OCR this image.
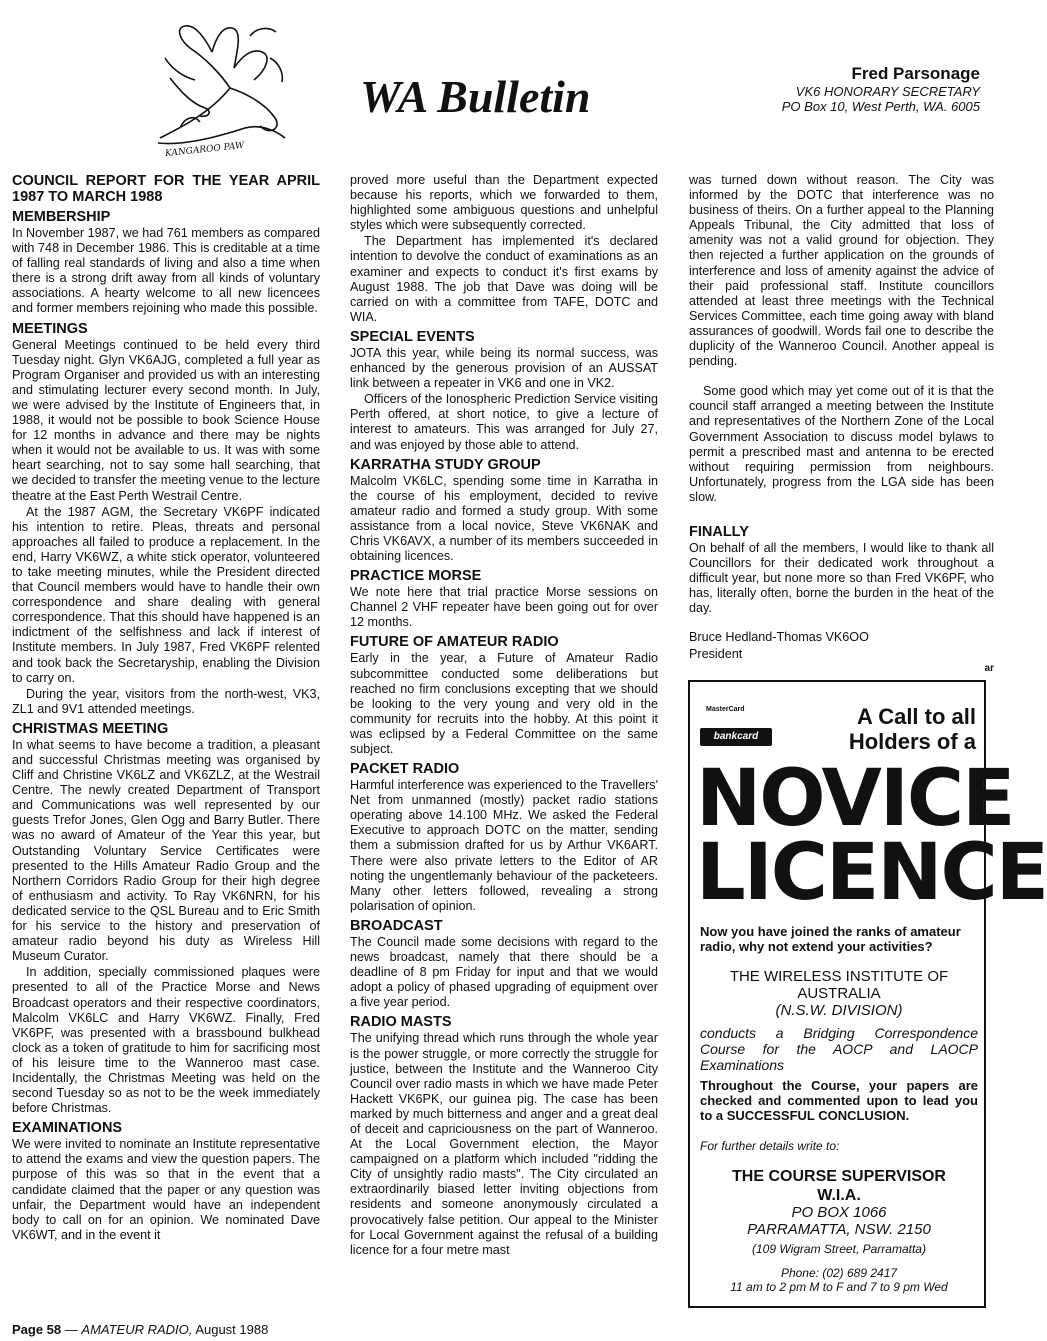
KANGAROO PAW
WA Bulletin	Fred Parsonage
VK6 HONORARY SECRETARY
PO Box 10, West Perth, WA. 6005
COUNCIL REPORT FOR THE YEAR APRIL 1987 TO MARCH 1988
MEMBERSHIP

In November 1987, we had 761 members as compared with 748 in December 1986. This is creditable at a time of falling real standards of living and also a time when there is a strong drift away from all kinds of voluntary associations. A hearty welcome to all new licencees and former members rejoining who made this possible.

MEETINGS

General Meetings continued to be held every third Tuesday night. Glyn VK6AJG, completed a full year as Program Organiser and provided us with an interesting and stimulating lecturer every second month. In July, we were advised by the Institute of Engineers that, in 1988, it would not be possible to book Science House for 12 months in advance and there may be nights when it would not be available to us. It was with some heart searching, not to say some hall searching, that we decided to transfer the meeting venue to the lecture theatre at the East Perth Westrail Centre.

At the 1987 AGM, the Secretary VK6PF indicated his intention to retire. Pleas, threats and personal approaches all failed to produce a replacement. In the end, Harry VK6WZ, a white stick operator, volunteered to take meeting minutes, while the President directed that Council members would have to handle their own correspondence and share dealing with general correspondence. That this should have happened is an indictment of the selfishness and lack if interest of Institute members. In July 1987, Fred VK6PF relented and took back the Secretaryship, enabling the Division to carry on.

During the year, visitors from the north-west, VK3, ZL1 and 9V1 attended meetings.

CHRISTMAS MEETING

In what seems to have become a tradition, a pleasant and successful Christmas meeting was organised by Cliff and Christine VK6LZ and VK6ZLZ, at the Westrail Centre. The newly created Department of Transport and Communications was well represented by our guests Trefor Jones, Glen Ogg and Barry Butler. There was no award of Amateur of the Year this year, but Outstanding Voluntary Service Certificates were presented to the Hills Amateur Radio Group and the Northern Corridors Radio Group for their high degree of enthusiasm and activity. To Ray VK6NRN, for his dedicated service to the QSL Bureau and to Eric Smith for his service to the history and preservation of amateur radio beyond his duty as Wireless Hill Museum Curator.

In addition, specially commissioned plaques were presented to all of the Practice Morse and News Broadcast operators and their respective coordinators, Malcolm VK6LC and Harry VK6WZ. Finally, Fred VK6PF, was presented with a brassbound bulkhead clock as a token of gratitude to him for sacrificing most of his leisure time to the Wanneroo mast case. Incidentally, the Christmas Meeting was held on the second Tuesday so as not to be the week immediately before Christmas.

EXAMINATIONS

We were invited to nominate an Institute representative to attend the exams and view the question papers. The purpose of this was so that in the event that a candidate claimed that the paper or any question was unfair, the Department would have an independent body to call on for an opinion. We nominated Dave VK6WT, and in the event it

proved more useful than the Department expected because his reports, which we forwarded to them, highlighted some ambiguous questions and unhelpful styles which were subsequently corrected.

The Department has implemented it's declared intention to devolve the conduct of examinations as an examiner and expects to conduct it's first exams by August 1988. The job that Dave was doing will be carried on with a committee from TAFE, DOTC and WIA.

SPECIAL EVENTS

JOTA this year, while being its normal success, was enhanced by the generous provision of an AUSSAT link between a repeater in VK6 and one in VK2.

Officers of the Ionospheric Prediction Service visiting Perth offered, at short notice, to give a lecture of interest to amateurs. This was arranged for July 27, and was enjoyed by those able to attend.

KARRATHA STUDY GROUP

Malcolm VK6LC, spending some time in Karratha in the course of his employment, decided to revive amateur radio and formed a study group. With some assistance from a local novice, Steve VK6NAK and Chris VK6AVX, a number of its members succeeded in obtaining licences.

PRACTICE MORSE

We note here that trial practice Morse sessions on Channel 2 VHF repeater have been going out for over 12 months.

FUTURE OF AMATEUR RADIO

Early in the year, a Future of Amateur Radio subcommittee conducted some deliberations but reached no firm conclusions excepting that we should be looking to the very young and very old in the community for recruits into the hobby. At this point it was eclipsed by a Federal Committee on the same subject.

PACKET RADIO

Harmful interference was experienced to the Travellers' Net from unmanned (mostly) packet radio stations operating above 14.100 MHz. We asked the Federal Executive to approach DOTC on the matter, sending them a submission drafted for us by Arthur VK6ART. There were also private letters to the Editor of AR noting the ungentlemanly behaviour of the packeteers. Many other letters followed, revealing a strong polarisation of opinion.

BROADCAST

The Council made some decisions with regard to the news broadcast, namely that there should be a deadline of 8 pm Friday for input and that we would adopt a policy of phased upgrading of equipment over a five year period.

RADIO MASTS

The unifying thread which runs through the whole year is the power struggle, or more correctly the struggle for justice, between the Institute and the Wanneroo City Council over radio masts in which we have made Peter Hackett VK6PK, our guinea pig. The case has been marked by much bitterness and anger and a great deal of deceit and capriciousness on the part of Wanneroo. At the Local Government election, the Mayor campaigned on a platform which included "ridding the City of unsightly radio masts". The City circulated an extraordinarily biased letter inviting objections from residents and someone anonymously circulated a provocatively false petition. Our appeal to the Minister for Local Government against the refusal of a building licence for a four metre mast

was turned down without reason. The City was informed by the DOTC that interference was no business of theirs. On a further appeal to the Planning Appeals Tribunal, the City admitted that loss of amenity was not a valid ground for objection. They then rejected a further application on the grounds of interference and loss of amenity against the advice of their paid professional staff. Institute councillors attended at least three meetings with the Technical Services Committee, each time going away with bland assurances of goodwill. Words fail one to describe the duplicity of the Wanneroo Council. Another appeal is pending.

Some good which may yet come out of it is that the council staff arranged a meeting between the Institute and representatives of the Northern Zone of the Local Government Association to discuss model bylaws to permit a prescribed mast and antenna to be erected without requiring permission from neighbours. Unfortunately, progress from the LGA side has been slow.

FINALLY

On behalf of all the members, I would like to thank all Councillors for their dedicated work throughout a difficult year, but none more so than Fred VK6PF, who has, literally often, borne the burden in the heat of the day.

Bruce Hedland-Thomas VK6OO

President

ar

MasterCard
bankcard
A Call to all
Holders of a
NOVICE
LICENCE
Now you have joined the ranks of amateur radio, why not extend your activities?
THE WIRELESS INSTITUTE OF
AUSTRALIA
(N.S.W. DIVISION)
conducts a Bridging Correspondence Course for the AOCP and LAOCP Examinations
Throughout the Course, your papers are checked and commented upon to lead you to a SUCCESSFUL CONCLUSION.
For further details write to:
THE COURSE SUPERVISOR
W.I.A.
PO BOX 1066
PARRAMATTA, NSW. 2150
(109 Wigram Street, Parramatta)
Phone: (02) 689 2417
11 am to 2 pm M to F and 7 to 9 pm Wed
Page 58 — AMATEUR RADIO, August 1988
